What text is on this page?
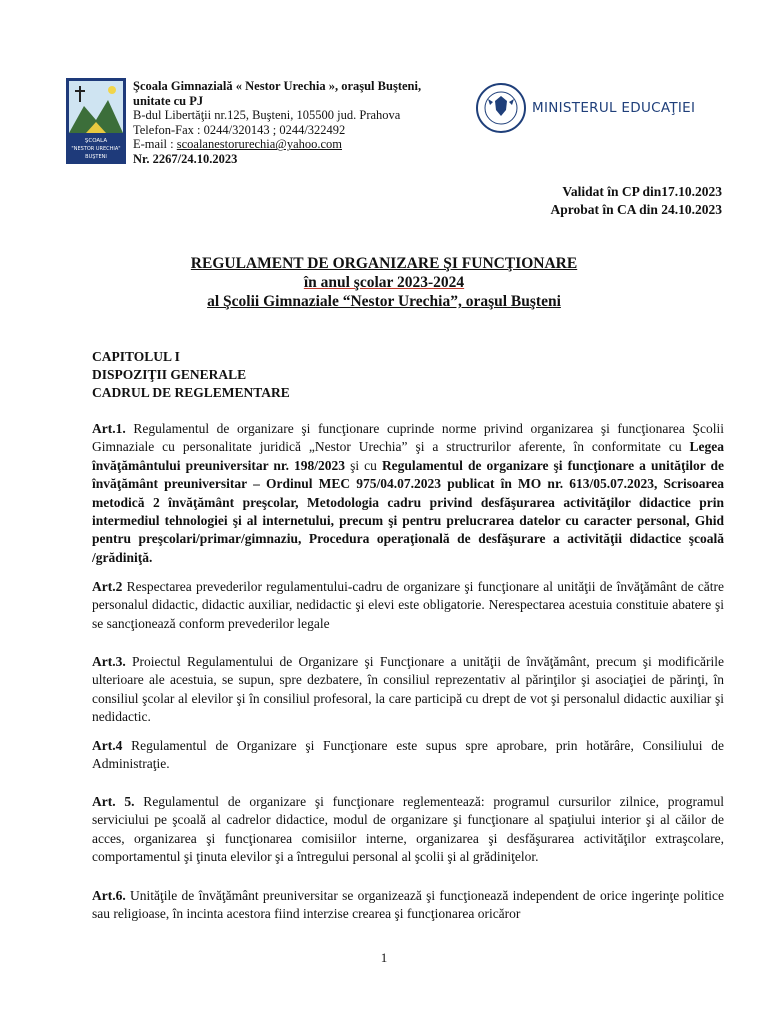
ŞCOALA
"NESTOR URECHIA"
BUŞTENI
Şcoala Gimnazială « Nestor Urechia », oraşul Buşteni,
unitate cu PJ
B-dul Libertăţii nr.125, Buşteni, 105500 jud. Prahova
Telefon-Fax : 0244/320143 ; 0244/322492
E-mail : scoalanestorurechia@yahoo.com
Nr. 2267/24.10.2023
MINISTERUL EDUCAŢIEI
Validat în CP din17.10.2023
Aprobat în CA din 24.10.2023
REGULAMENT DE ORGANIZARE ŞI FUNCŢIONARE
în anul şcolar 2023-2024
al Şcolii Gimnaziale “Nestor Urechia”, oraşul Buşteni
CAPITOLUL I
DISPOZIŢII GENERALE
CADRUL DE REGLEMENTARE
Art.1. Regulamentul de organizare şi funcţionare cuprinde norme privind organizarea şi funcţionarea Şcolii Gimnaziale cu personalitate juridică „Nestor Urechia” şi a structrurilor aferente, în conformitate cu Legea învăţământului preuniversitar nr. 198/2023 şi cu Regulamentul de organizare şi funcţionare a unităţilor de învăţământ preuniversitar – Ordinul MEC 975/04.07.2023 publicat în MO nr. 613/05.07.2023, Scrisoarea metodică 2 învăţământ preşcolar, Metodologia cadru privind desfăşurarea activităţilor didactice prin intermediul tehnologiei şi al internetului, precum şi pentru prelucrarea datelor cu caracter personal, Ghid pentru preşcolari/primar/gimnaziu, Procedura operaţională de desfăşurare a activităţii didactice şcoală /grădiniţă.
Art.2 Respectarea prevederilor regulamentului-cadru de organizare şi funcţionare al unităţii de învăţământ de către personalul didactic, didactic auxiliar, nedidactic şi elevi este obligatorie. Nerespectarea acestuia constituie abatere şi se sancţionează conform prevederilor legale
Art.3. Proiectul Regulamentului de Organizare şi Funcţionare a unităţii de învăţământ, precum şi modificările ulterioare ale acestuia, se supun, spre dezbatere, în consiliul reprezentativ al părinţilor şi asociaţiei de părinţi, în consiliul şcolar al elevilor şi în consiliul profesoral, la care participă cu drept de vot şi personalul didactic auxiliar şi nedidactic.
Art.4 Regulamentul de Organizare şi Funcţionare este supus spre aprobare, prin hotărâre, Consiliului de Administraţie.
Art. 5. Regulamentul de organizare şi funcţionare reglementează: programul cursurilor zilnice, programul serviciului pe şcoală al cadrelor didactice, modul de organizare şi funcţionare al spaţiului interior şi al căilor de acces, organizarea şi funcţionarea comisiilor interne, organizarea şi desfăşurarea activităţilor extraşcolare, comportamentul şi ţinuta elevilor şi a întregului personal al şcolii şi al grădiniţelor.
Art.6. Unităţile de învăţământ preuniversitar se organizează şi funcţionează independent de orice ingerinţe politice sau religioase, în incinta acestora fiind interzise crearea şi funcţionarea oricăror
1
